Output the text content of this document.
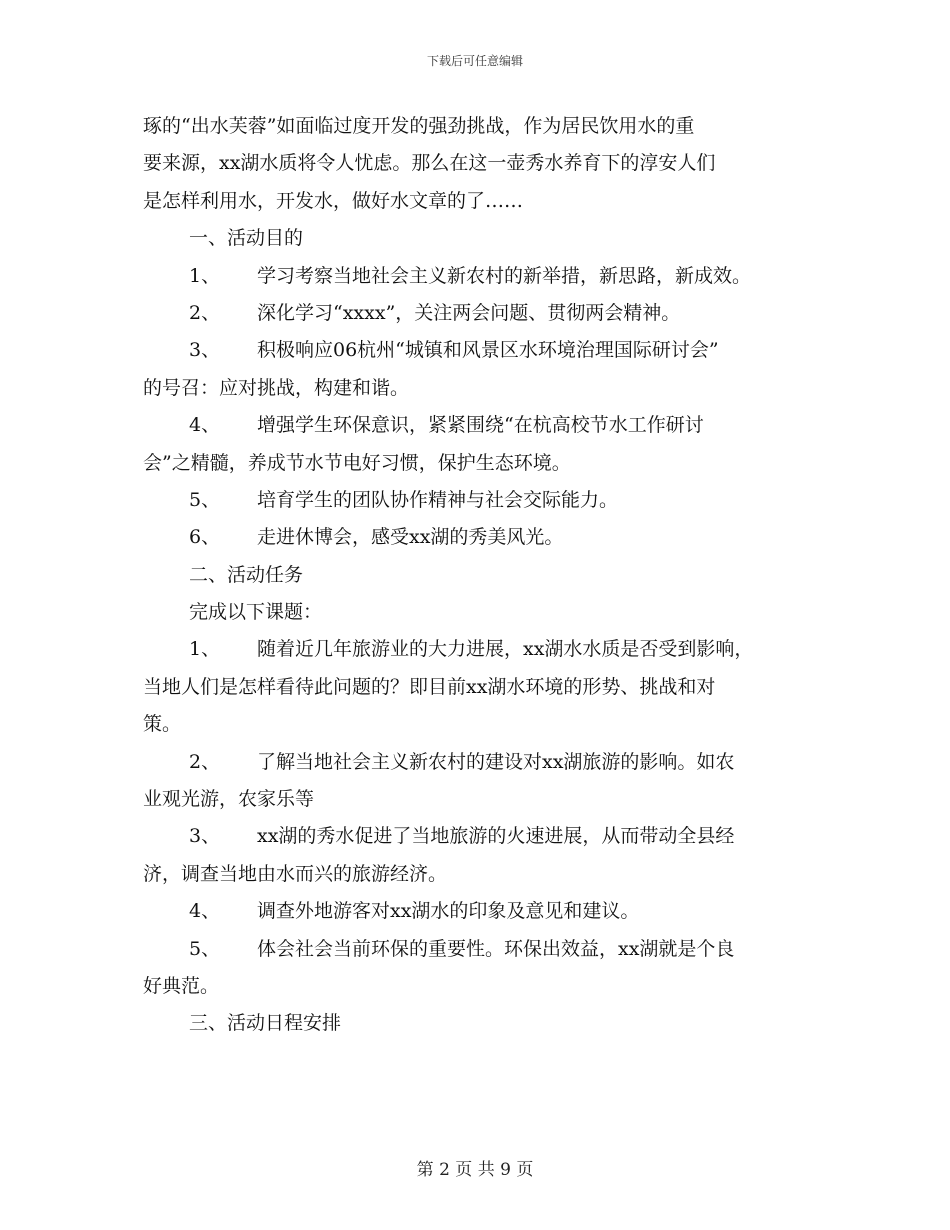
下载后可任意编辑

琢的“出水芙蓉”如面临过度开发的强劲挑战，作为居民饮用水的重

要来源，xx湖水质将令人忧虑。那么在这一壶秀水养育下的淳安人们

是怎样利用水，开发水，做好水文章的了……

一、活动目的

1、 学习考察当地社会主义新农村的新举措，新思路，新成效。

2、 深化学习“xxxx”，关注两会问题、贯彻两会精神。

3、 积极响应06杭州“城镇和风景区水环境治理国际研讨会”

的号召：应对挑战，构建和谐。

4、 增强学生环保意识，紧紧围绕“在杭高校节水工作研讨

会”之精髓，养成节水节电好习惯，保护生态环境。

5、 培育学生的团队协作精神与社会交际能力。

6、 走进休博会，感受xx湖的秀美风光。

二、活动任务

完成以下课题：

1、 随着近几年旅游业的大力进展，xx湖水水质是否受到影响，

当地人们是怎样看待此问题的？即目前xx湖水环境的形势、挑战和对

策。

2、 了解当地社会主义新农村的建设对xx湖旅游的影响。如农

业观光游，农家乐等

3、 xx湖的秀水促进了当地旅游的火速进展，从而带动全县经

济，调查当地由水而兴的旅游经济。

4、 调查外地游客对xx湖水的印象及意见和建议。

5、 体会社会当前环保的重要性。环保出效益，xx湖就是个良

好典范。

三、活动日程安排

第 2 页 共 9 页
